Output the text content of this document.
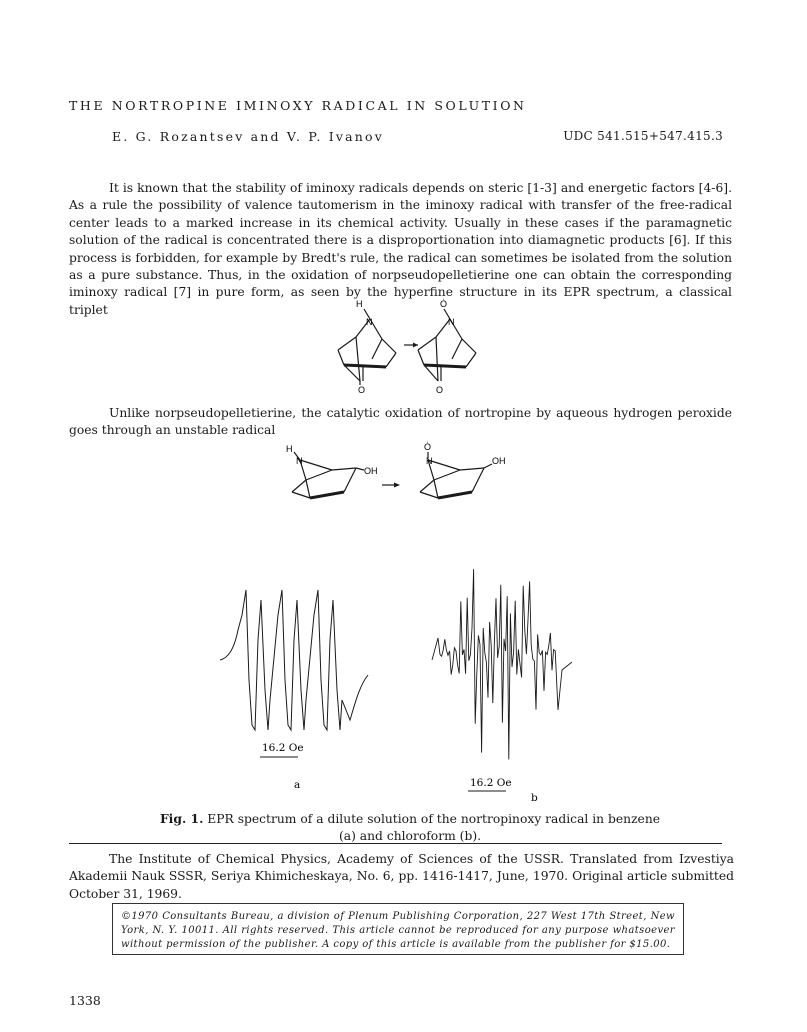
THE NORTROPINE IMINOXY RADICAL IN SOLUTION
E. G. Rozantsev and V. P. Ivanov	UDC 541.515+547.415.3
It is known that the stability of iminoxy radicals depends on steric [1-3] and energetic factors [4-6]. As a rule the possibility of valence tautomerism in the iminoxy radical with transfer of the free-radical center leads to a marked increase in its chemical activity. Usually in these cases if the paramagnetic solution of the radical is concentrated there is a disproportionation into diamagnetic products [6]. If this process is forbidden, for example by Bredt's rule, the radical can sometimes be isolated from the solution as a pure substance. Thus, in the oxidation of norpseudopelletierine one can obtain the corresponding iminoxy radical [7] in pure form, as seen by the hyperfine structure in its EPR spectrum, a classical triplet	H
N
O
Ȯ
N
O
Unlike norpseudopelletierine, the catalytic oxidation of nortropine by aqueous hydrogen peroxide goes through an unstable radical
H
N
OH
Ȯ
N	OH
16.2 Oe
16.2 Oe
a
b
Fig. 1. EPR spectrum of a dilute solution of the nortropinoxy radical in benzene (a) and chloroform (b).
The Institute of Chemical Physics, Academy of Sciences of the USSR. Translated from Izvestiya Akademii Nauk SSSR, Seriya Khimicheskaya, No. 6, pp. 1416-1417, June, 1970. Original article submitted October 31, 1969.
©1970 Consultants Bureau, a division of Plenum Publishing Corporation, 227 West 17th Street, New York, N. Y. 10011. All rights reserved. This article cannot be reproduced for any purpose whatsoever without permission of the publisher. A copy of this article is available from the publisher for $15.00.
1338
